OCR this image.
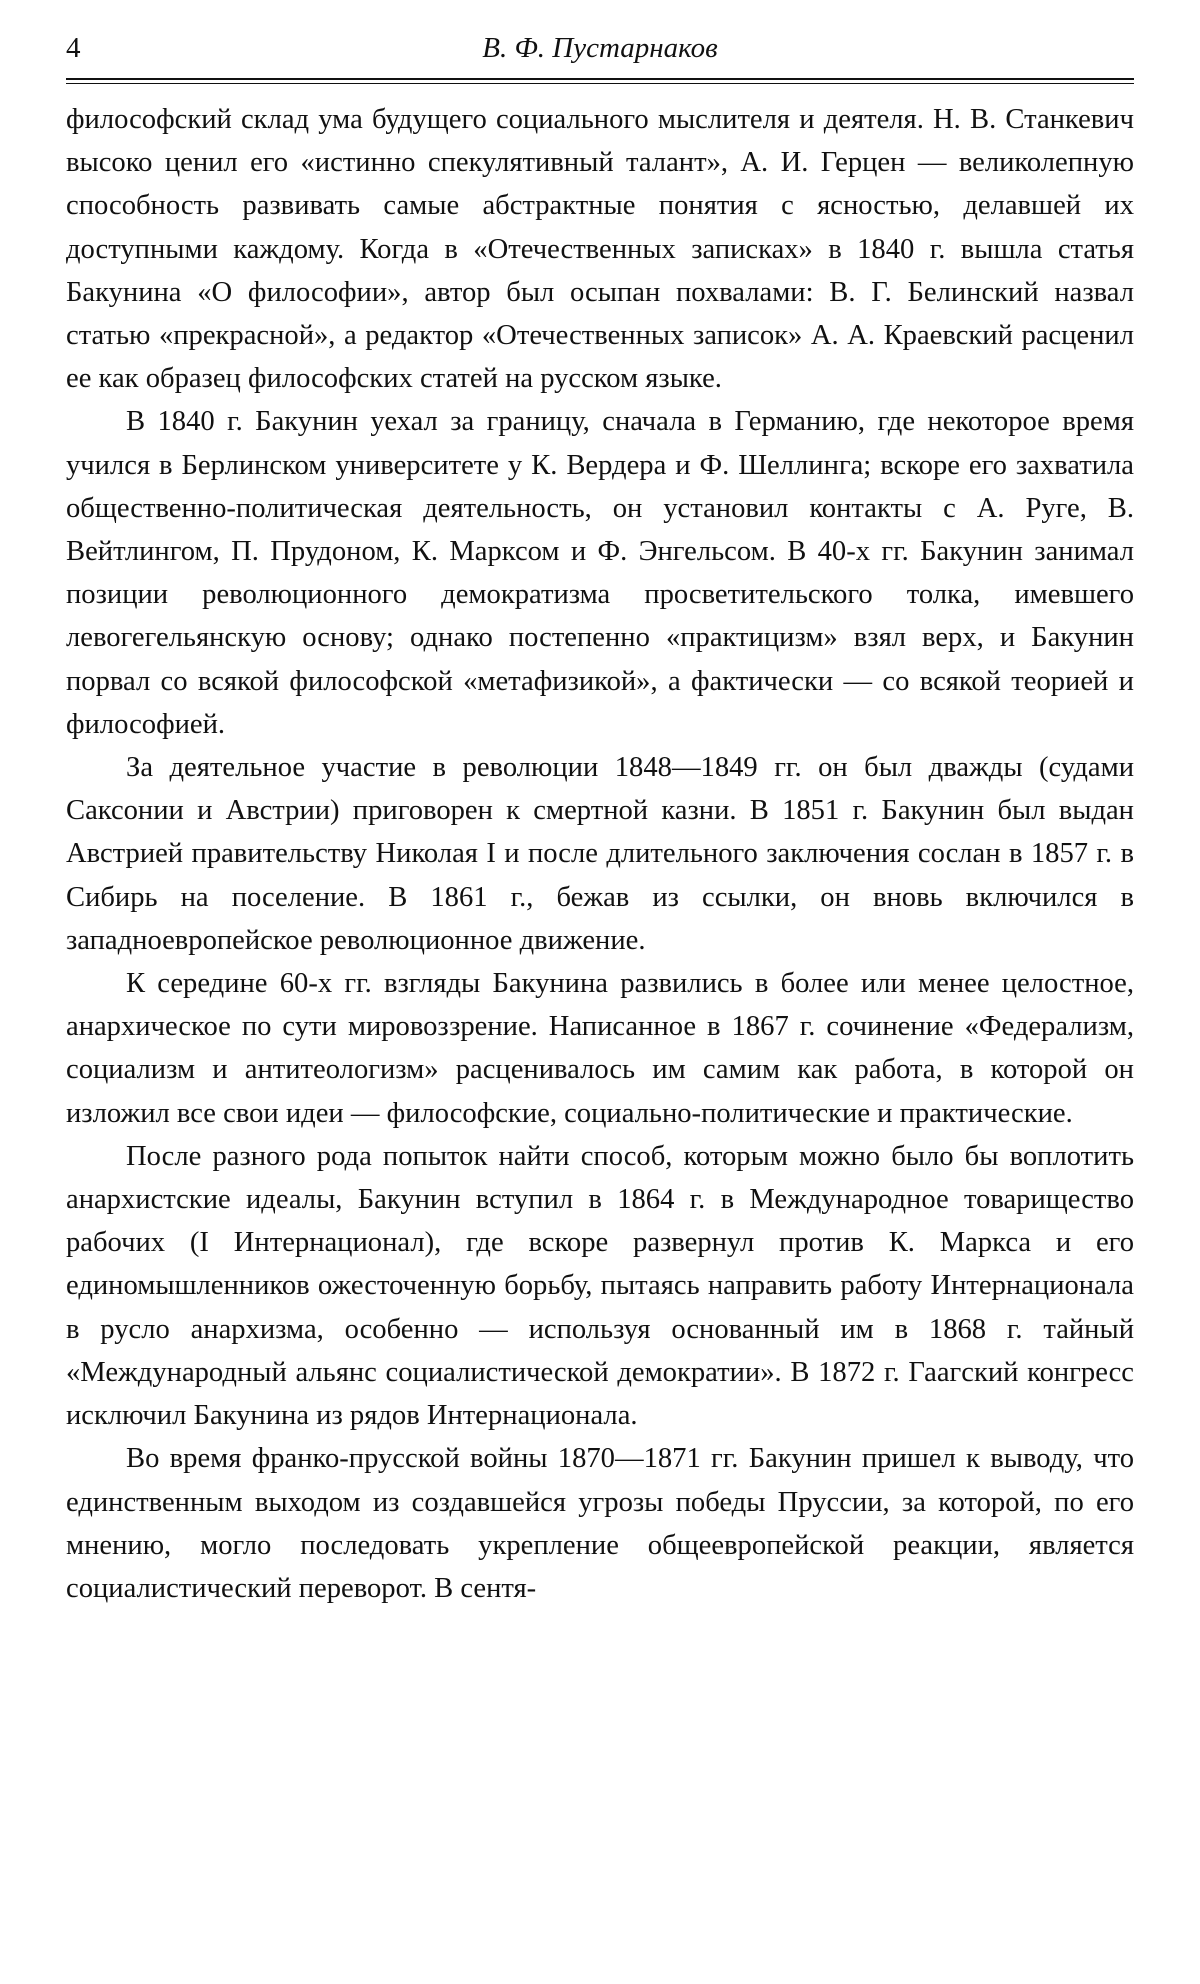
4	В. Ф. Пустарнаков

философский склад ума будущего социального мыслителя и деятеля. Н. В. Станкевич высоко ценил его «истинно спекулятивный талант», А. И. Герцен — великолепную способность развивать самые абстрактные понятия с ясностью, делавшей их доступными каждому. Когда в «Отечественных записках» в 1840 г. вышла статья Бакунина «О философии», автор был осыпан похвалами: В. Г. Белинский назвал статью «прекрасной», а редактор «Отечественных записок» А. А. Краевский расценил ее как образец философских статей на русском языке.

В 1840 г. Бакунин уехал за границу, сначала в Германию, где некоторое время учился в Берлинском университете у К. Вердера и Ф. Шеллинга; вскоре его захватила общественно-политическая деятельность, он установил контакты с А. Руге, В. Вейтлингом, П. Прудоном, К. Марксом и Ф. Энгельсом. В 40-х гг. Бакунин занимал позиции революционного демократизма просветительского толка, имевшего левогегельянскую основу; однако постепенно «практицизм» взял верх, и Бакунин порвал со всякой философской «метафизикой», а фактически — со всякой теорией и философией.

За деятельное участие в революции 1848—1849 гг. он был дважды (судами Саксонии и Австрии) приговорен к смертной казни. В 1851 г. Бакунин был выдан Австрией правительству Николая I и после длительного заключения сослан в 1857 г. в Сибирь на поселение. В 1861 г., бежав из ссылки, он вновь включился в западноевропейское революционное движение.

К середине 60-х гг. взгляды Бакунина развились в более или менее целостное, анархическое по сути мировоззрение. Написанное в 1867 г. сочинение «Федерализм, социализм и антитеологизм» расценивалось им самим как работа, в которой он изложил все свои идеи — философские, социально-политические и практические.

После разного рода попыток найти способ, которым можно было бы воплотить анархистские идеалы, Бакунин вступил в 1864 г. в Международное товарищество рабочих (I Интернационал), где вскоре развернул против К. Маркса и его единомышленников ожесточенную борьбу, пытаясь направить работу Интернационала в русло анархизма, особенно — используя основанный им в 1868 г. тайный «Международный альянс социалистической демократии». В 1872 г. Гаагский конгресс исключил Бакунина из рядов Интернационала.

Во время франко-прусской войны 1870—1871 гг. Бакунин пришел к выводу, что единственным выходом из создавшейся угрозы победы Пруссии, за которой, по его мнению, могло последовать укрепление общеевропейской реакции, является социалистический переворот. В сентя-
